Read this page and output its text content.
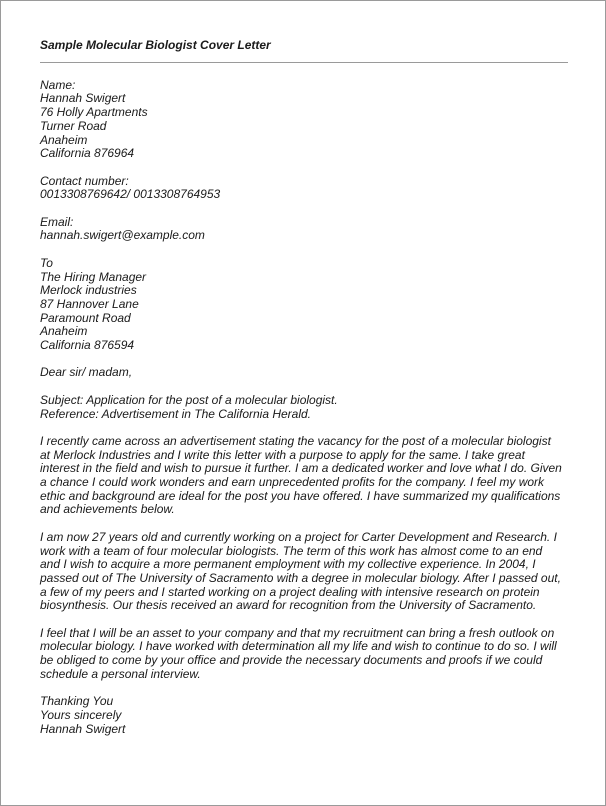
Sample Molecular Biologist Cover Letter
Name:
Hannah Swigert
76 Holly Apartments
Turner Road
Anaheim
California 876964
Contact number:
0013308769642/ 0013308764953
Email:
hannah.swigert@example.com
To
The Hiring Manager
Merlock industries
87 Hannover Lane
Paramount Road
Anaheim
California 876594
Dear sir/ madam,
Subject: Application for the post of a molecular biologist.
Reference: Advertisement in The California Herald.
I recently came across an advertisement stating the vacancy for the post of a molecular biologist
at Merlock Industries and I write this letter with a purpose to apply for the same. I take great
interest in the field and wish to pursue it further. I am a dedicated worker and love what I do. Given
a chance I could work wonders and earn unprecedented profits for the company. I feel my work
ethic and background are ideal for the post you have offered. I have summarized my qualifications
and achievements below.
I am now 27 years old and currently working on a project for Carter Development and Research. I
work with a team of four molecular biologists. The term of this work has almost come to an end
and I wish to acquire a more permanent employment with my collective experience. In 2004, I
passed out of The University of Sacramento with a degree in molecular biology. After I passed out,
a few of my peers and I started working on a project dealing with intensive research on protein
biosynthesis. Our thesis received an award for recognition from the University of Sacramento.
I feel that I will be an asset to your company and that my recruitment can bring a fresh outlook on
molecular biology. I have worked with determination all my life and wish to continue to do so. I will
be obliged to come by your office and provide the necessary documents and proofs if we could
schedule a personal interview.
Thanking You
Yours sincerely
Hannah Swigert
